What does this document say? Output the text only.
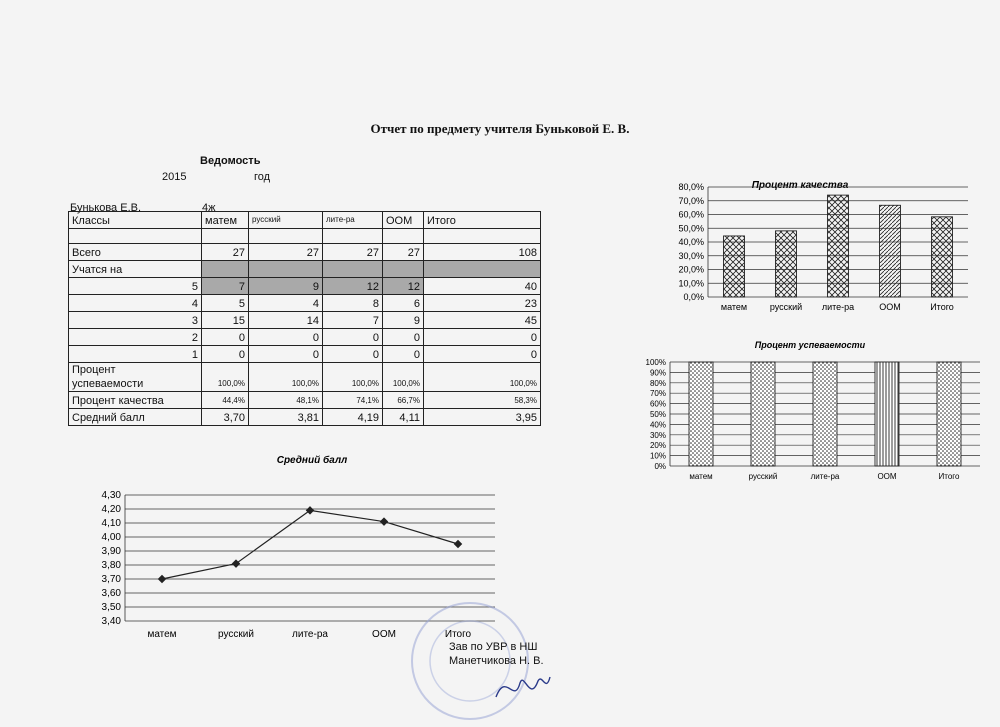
Отчет по предмету учителя Буньковой Е. В.
Ведомость
2015	год
Бунькова Е.В.	4ж
Классы	матем	русский	лите-ра	ООМ	Итого

Всего	27	27	27	27	108
Учатся на					
5	7	9	12	12	40
4	5	4	8	6	23
3	15	14	7	9	45
2	0	0	0	0	0
1	0	0	0	0	0
Процент
успеваемости	100,0%	100,0%	100,0%	100,0%	100,0%
Процент качества	44,4%	48,1%	74,1%	66,7%	58,3%
Средний балл	3,70	3,81	4,19	4,11	3,95
Процент качества
0,0%
10,0%
20,0%
30,0%
40,0%
50,0%
60,0%
70,0%
80,0%
матем	русский лите-ра	ООМ	Итого
Процент успеваемости
0%
10%
20%
30%
40%
50%
60%
70%
80%
90%
100%
матем	русский	лите-ра	ООМ	Итого
Средний балл
3,40
3,50
3,60
3,70
3,80
3,90
4,00
4,10
4,20
4,30
матем	русский	лите-ра	ООМ	Итого
Зав по УВР в НШ
Манетчикова Н. В.
